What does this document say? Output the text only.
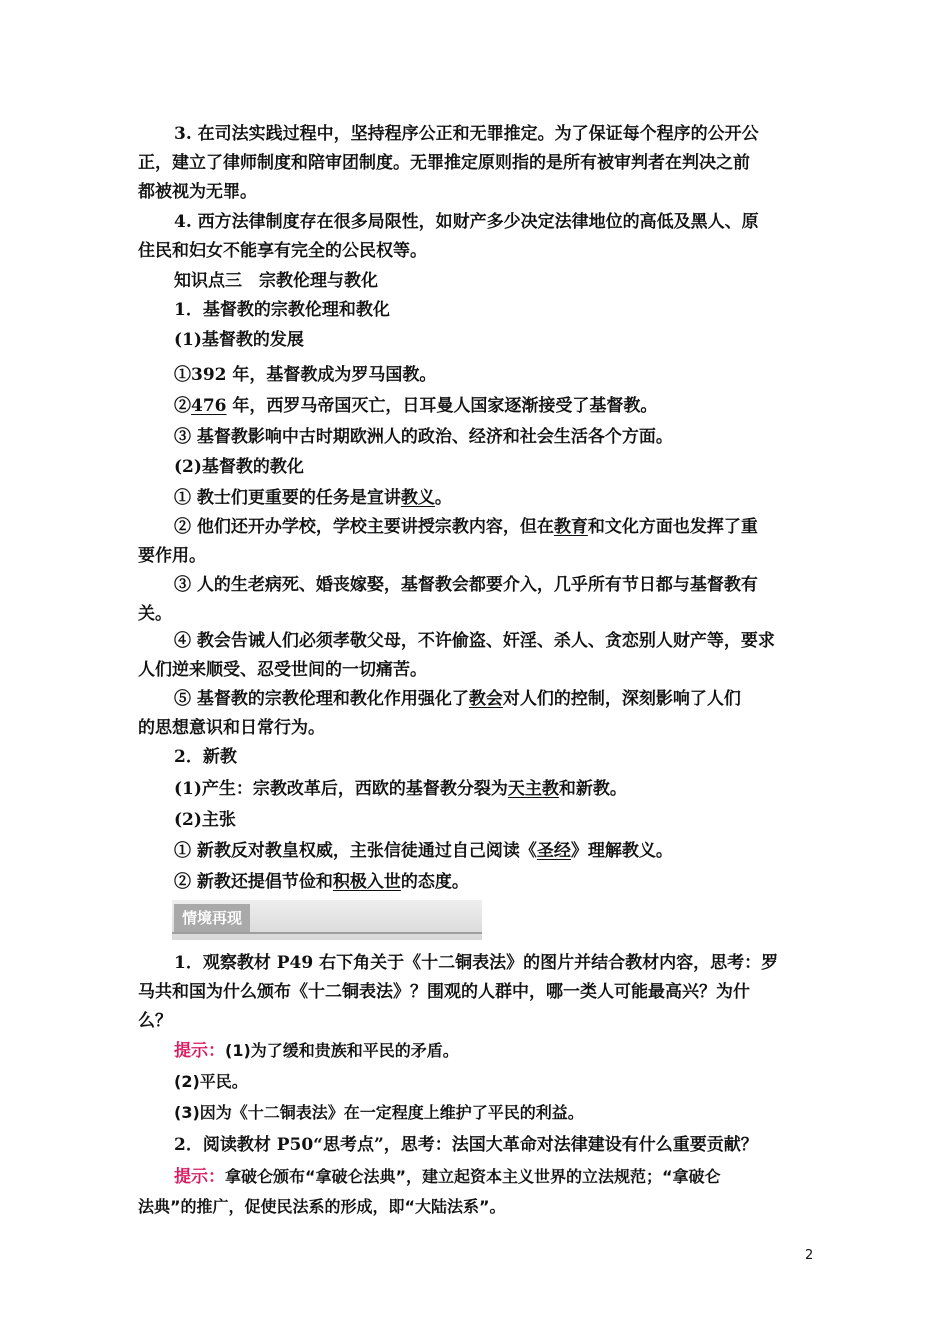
3. 在司法实践过程中，坚持程序公正和无罪推定。为了保证每个程序的公开公
正，建立了律师制度和陪审团制度。无罪推定原则指的是所有被审判者在判决之前
都被视为无罪。
4. 西方法律制度存在很多局限性，如财产多少决定法律地位的高低及黑人、原
住民和妇女不能享有完全的公民权等。
知识点三　宗教伦理与教化
1．基督教的宗教伦理和教化
(1)基督教的发展
①392 年，基督教成为罗马国教。
②476 年，西罗马帝国灭亡，日耳曼人国家逐渐接受了基督教。
③ 基督教影响中古时期欧洲人的政治、经济和社会生活各个方面。
(2)基督教的教化
① 教士们更重要的任务是宣讲教义。
② 他们还开办学校，学校主要讲授宗教内容，但在教育和文化方面也发挥了重
要作用。
③ 人的生老病死、婚丧嫁娶，基督教会都要介入，几乎所有节日都与基督教有
关。
④ 教会告诫人们必须孝敬父母，不许偷盗、奸淫、杀人、贪恋别人财产等，要求
人们逆来顺受、忍受世间的一切痛苦。
⑤ 基督教的宗教伦理和教化作用强化了教会对人们的控制，深刻影响了人们
的思想意识和日常行为。
2．新教
(1)产生：宗教改革后，西欧的基督教分裂为天主教和新教。
(2)主张
① 新教反对教皇权威，主张信徒通过自己阅读《圣经》理解教义。
② 新教还提倡节俭和积极入世的态度。
情境再现
1．观察教材 P49 右下角关于《十二铜表法》的图片并结合教材内容，思考：罗
马共和国为什么颁布《十二铜表法》？围观的人群中，哪一类人可能最高兴？为什
么？
提示：(1)为了缓和贵族和平民的矛盾。
(2)平民。
(3)因为《十二铜表法》在一定程度上维护了平民的利益。
2．阅读教材 P50“思考点”，思考：法国大革命对法律建设有什么重要贡献？
提示：拿破仑颁布“拿破仑法典”，建立起资本主义世界的立法规范；“拿破仑
法典”的推广，促使民法系的形成，即“大陆法系”。
2
